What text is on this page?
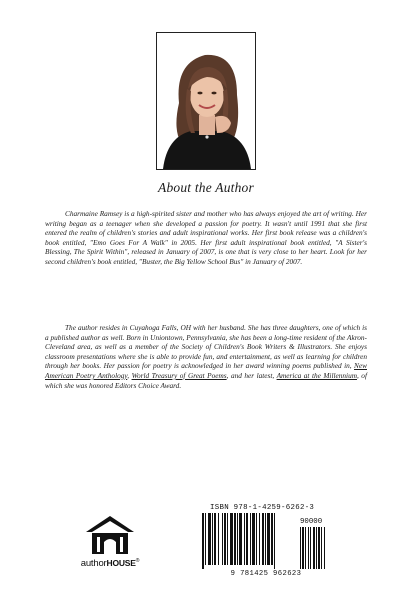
About the Author
Charmaine Ramsey is a high-spirited sister and mother who has always enjoyed the art of writing. Her writing began as a teenager when she developed a passion for poetry. It wasn't until 1991 that she first entered the realm of children's stories and adult inspirational works. Her first book release was a children's book entitled, "Emo Goes For A Walk" in 2005. Her first adult inspirational book entitled, "A Sister's Blessing, The Spirit Within", released in January of 2007, is one that is very close to her heart. Look for her second children's book entitled, "Buster, the Big Yellow School Bus" in January of 2007.
The author resides in Cuyahoga Falls, OH with her husband. She has three daughters, one of which is a published author as well. Born in Uniontown, Pennsylvania, she has been a long-time resident of the Akron-Cleveland area, as well as a member of the Society of Children's Book Writers & Illustrators. She enjoys classroom presentations where she is able to provide fun, and entertainment, as well as learning for children through her books. Her passion for poetry is acknowledged in her award winning poems published in, New American Poetry Anthology, World Treasury of Great Poems, and her latest, America at the Millennium, of which she was honored Editors Choice Award.
authorHOUSE®
ISBN 978-1-4259-6262-3
90000
9 781425 962623
